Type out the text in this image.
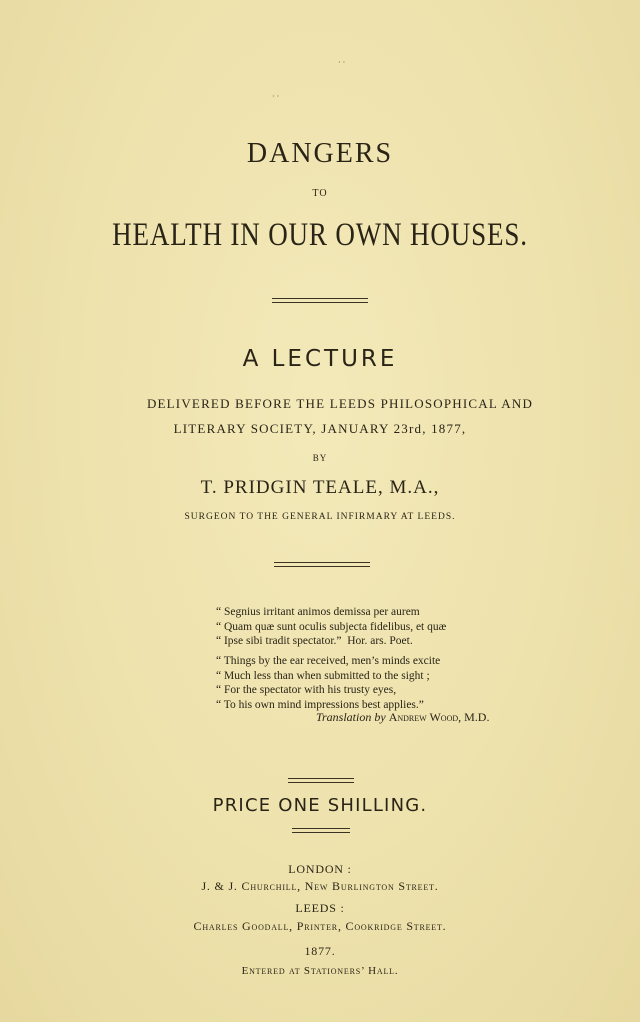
· ·
· ·
DANGERS
TO
HEALTH IN OUR OWN HOUSES.
A LECTURE
DELIVERED BEFORE THE LEEDS PHILOSOPHICAL AND
LITERARY SOCIETY, JANUARY 23rd, 1877,
BY
T. PRIDGIN TEALE, M.A.,
SURGEON TO THE GENERAL INFIRMARY AT LEEDS.
“ Segnius irritant animos demissa per aurem
“ Quam quæ sunt oculis subjecta fidelibus, et quæ
“ Ipse sibi tradit spectator.”  Hor. ars. Poet.
“ Things by the ear received, men’s minds excite
“ Much less than when submitted to the sight ;
“ For the spectator with his trusty eyes,
“ To his own mind impressions best applies.”
Translation by Andrew Wood, M.D.
PRICE ONE SHILLING.
LONDON :
J. & J. Churchill, New Burlington Street.
LEEDS :
Charles Goodall, Printer, Cookridge Street.
1877.
Entered at Stationers’ Hall.
